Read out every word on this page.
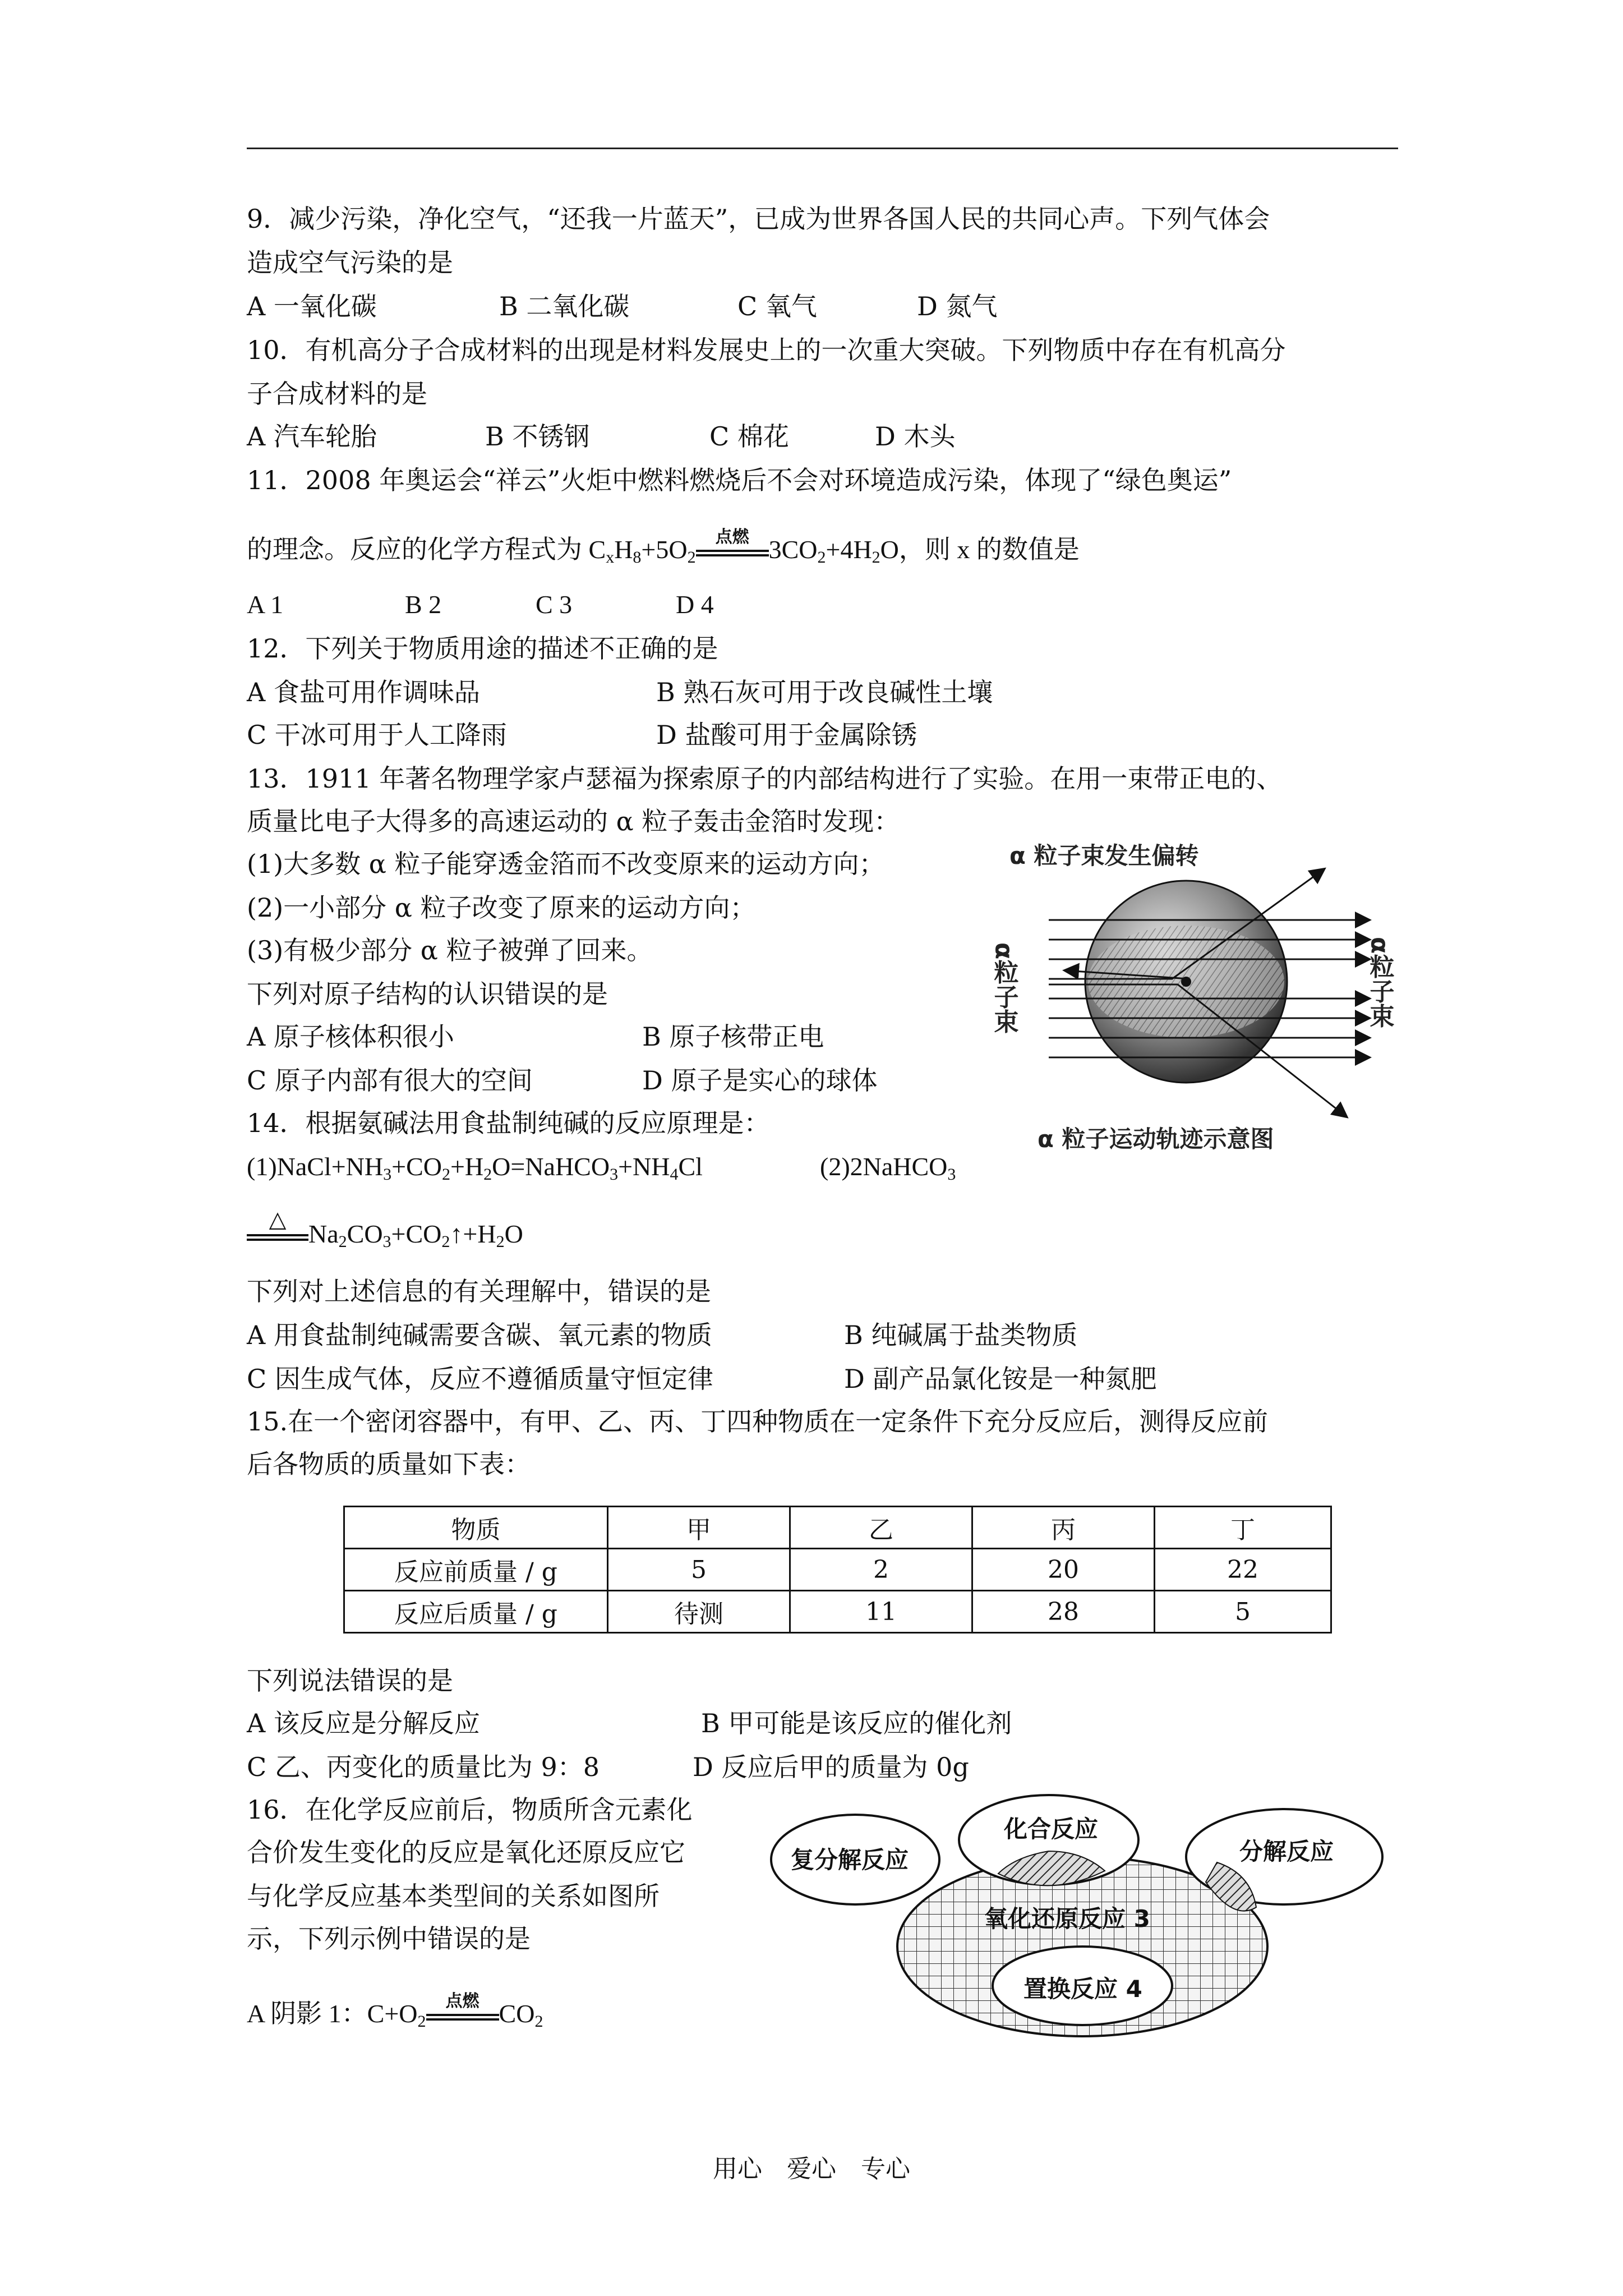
9．减少污染，净化空气，“还我一片蓝天”，已成为世界各国人民的共同心声。下列气体会
造成空气污染的是
A 一氧化碳	B 二氧化碳	C 氧气	D 氮气
10．有机高分子合成材料的出现是材料发展史上的一次重大突破。下列物质中存在有机高分
子合成材料的是
A 汽车轮胎	B 不锈钢	C 棉花	D 木头
11．2008 年奥运会“祥云”火炬中燃料燃烧后不会对环境造成污染，体现了“绿色奥运”
的理念。反应的化学方程式为 $C_xH_8+5O_2$
点燃 $3CO_2+4H_2O$，则 x 的数值是
A 1	B 2	C 3	D 4
12．下列关于物质用途的描述不正确的是
A 食盐可用作调味品	B 熟石灰可用于改良碱性土壤
C 干冰可用于人工降雨	D 盐酸可用于金属除锈
13．1911 年著名物理学家卢瑟福为探索原子的内部结构进行了实验。在用一束带正电的、
质量比电子大得多的高速运动的 α 粒子轰击金箔时发现：
(1)大多数 α 粒子能穿透金箔而不改变原来的运动方向；
(2)一小部分 α 粒子改变了原来的运动方向；
(3)有极少部分 α 粒子被弹了回来。
下列对原子结构的认识错误的是
A 原子核体积很小	B 原子核带正电
C 原子内部有很大的空间	D 原子是实心的球体
α 粒子束发生偏转
α粒子束	α粒子束
α 粒子运动轨迹示意图
14．根据氨碱法用食盐制纯碱的反应原理是：
$(1)NaCl+NH_3+CO_2+H_2O=NaHCO_3+NH_4Cl$	(2)2NaHCO$_3$
△ $Na_2CO_3+CO_2↑+H_2O$
下列对上述信息的有关理解中，错误的是
A 用食盐制纯碱需要含碳、氧元素的物质	B 纯碱属于盐类物质
C 因生成气体，反应不遵循质量守恒定律	D 副产品氯化铵是一种氮肥
15.在一个密闭容器中，有甲、乙、丙、丁四种物质在一定条件下充分反应后，测得反应前
后各物质的质量如下表：
物质	甲	乙	丙	丁
反应前质量 / g	5	2	20	22
反应后质量 / g	待测	11	28	5
下列说法错误的是
A 该反应是分解反应	B 甲可能是该反应的催化剂
C 乙、丙变化的质量比为 9：8	D 反应后甲的质量为 0g
16．在化学反应前后，物质所含元素化
合价发生变化的反应是氧化还原反应它
与化学反应基本类型间的关系如图所
示，下列示例中错误的是
A 阴影 1：$C+O_2$
点燃 $CO_2$
化合反应
复分解反应	分解反应
氧化还原反应 3
置换反应 4
用心　爱心　专心
